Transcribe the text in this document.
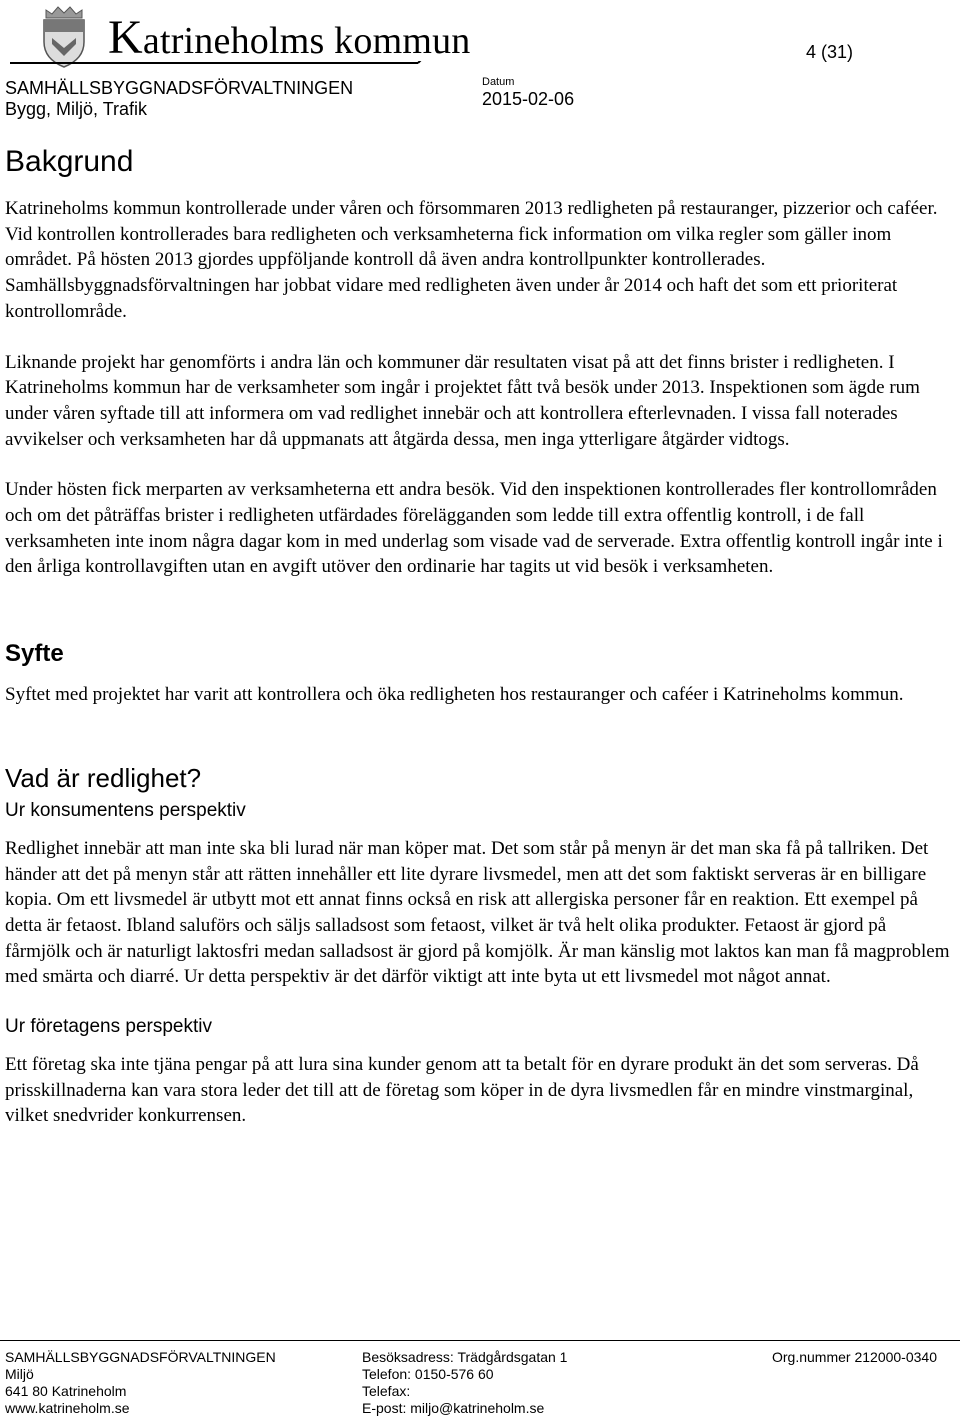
Katrineholms kommun
SAMHÄLLSBYGGNADSFÖRVALTNINGEN
Bygg, Miljö, Trafik
Datum
2015-02-06
4 (31)
Bakgrund

Katrineholms kommun kontrollerade under våren och försommaren 2013 redligheten på restauranger, pizzerior och caféer. Vid kontrollen kontrollerades bara redligheten och verksamheterna fick information om vilka regler som gäller inom området. På hösten 2013 gjordes uppföljande kontroll då även andra kontrollpunkter kontrollerades. Samhällsbyggnadsförvaltningen har jobbat vidare med redligheten även under år 2014 och haft det som ett prioriterat kontrollområde.

Liknande projekt har genomförts i andra län och kommuner där resultaten visat på att det finns brister i redligheten. I Katrineholms kommun har de verksamheter som ingår i projektet fått två besök under 2013. Inspektionen som ägde rum under våren syftade till att informera om vad redlighet innebär och att kontrollera efterlevnaden. I vissa fall noterades avvikelser och verksamheten har då uppmanats att åtgärda dessa, men inga ytterligare åtgärder vidtogs.

Under hösten fick merparten av verksamheterna ett andra besök. Vid den inspektionen kontrollerades fler kontrollområden och om det påträffas brister i redligheten utfärdades förelägganden som ledde till extra offentlig kontroll, i de fall verksamheten inte inom några dagar kom in med underlag som visade vad de serverade. Extra offentlig kontroll ingår inte i den årliga kontrollavgiften utan en avgift utöver den ordinarie har tagits ut vid besök i verksamheten.

Syfte

Syftet med projektet har varit att kontrollera och öka redligheten hos restauranger och caféer i Katrineholms kommun.

Vad är redlighet?
Ur konsumentens perspektiv

Redlighet innebär att man inte ska bli lurad när man köper mat. Det som står på menyn är det man ska få på tallriken. Det händer att det på menyn står att rätten innehåller ett lite dyrare livsmedel, men att det som faktiskt serveras är en billigare kopia. Om ett livsmedel är utbytt mot ett annat finns också en risk att allergiska personer får en reaktion. Ett exempel på detta är fetaost. Ibland saluförs och säljs salladsost som fetaost, vilket är två helt olika produkter. Fetaost är gjord på fårmjölk och är naturligt laktosfri medan salladsost är gjord på komjölk. Är man känslig mot laktos kan man få magproblem med smärta och diarré. Ur detta perspektiv är det därför viktigt att inte byta ut ett livsmedel mot något annat.

Ur företagens perspektiv

Ett företag ska inte tjäna pengar på att lura sina kunder genom att ta betalt för en dyrare produkt än det som serveras. Då prisskillnaderna kan vara stora leder det till att de företag som köper in de dyra livsmedlen får en mindre vinstmarginal, vilket snedvrider konkurrensen.

SAMHÄLLSBYGGNADSFÖRVALTNINGEN
Miljö
641 80 Katrineholm
www.katrineholm.se
Besöksadress: Trädgårdsgatan 1
Telefon: 0150-576 60
Telefax:
E-post: miljo@katrineholm.se
Org.nummer 212000-0340
